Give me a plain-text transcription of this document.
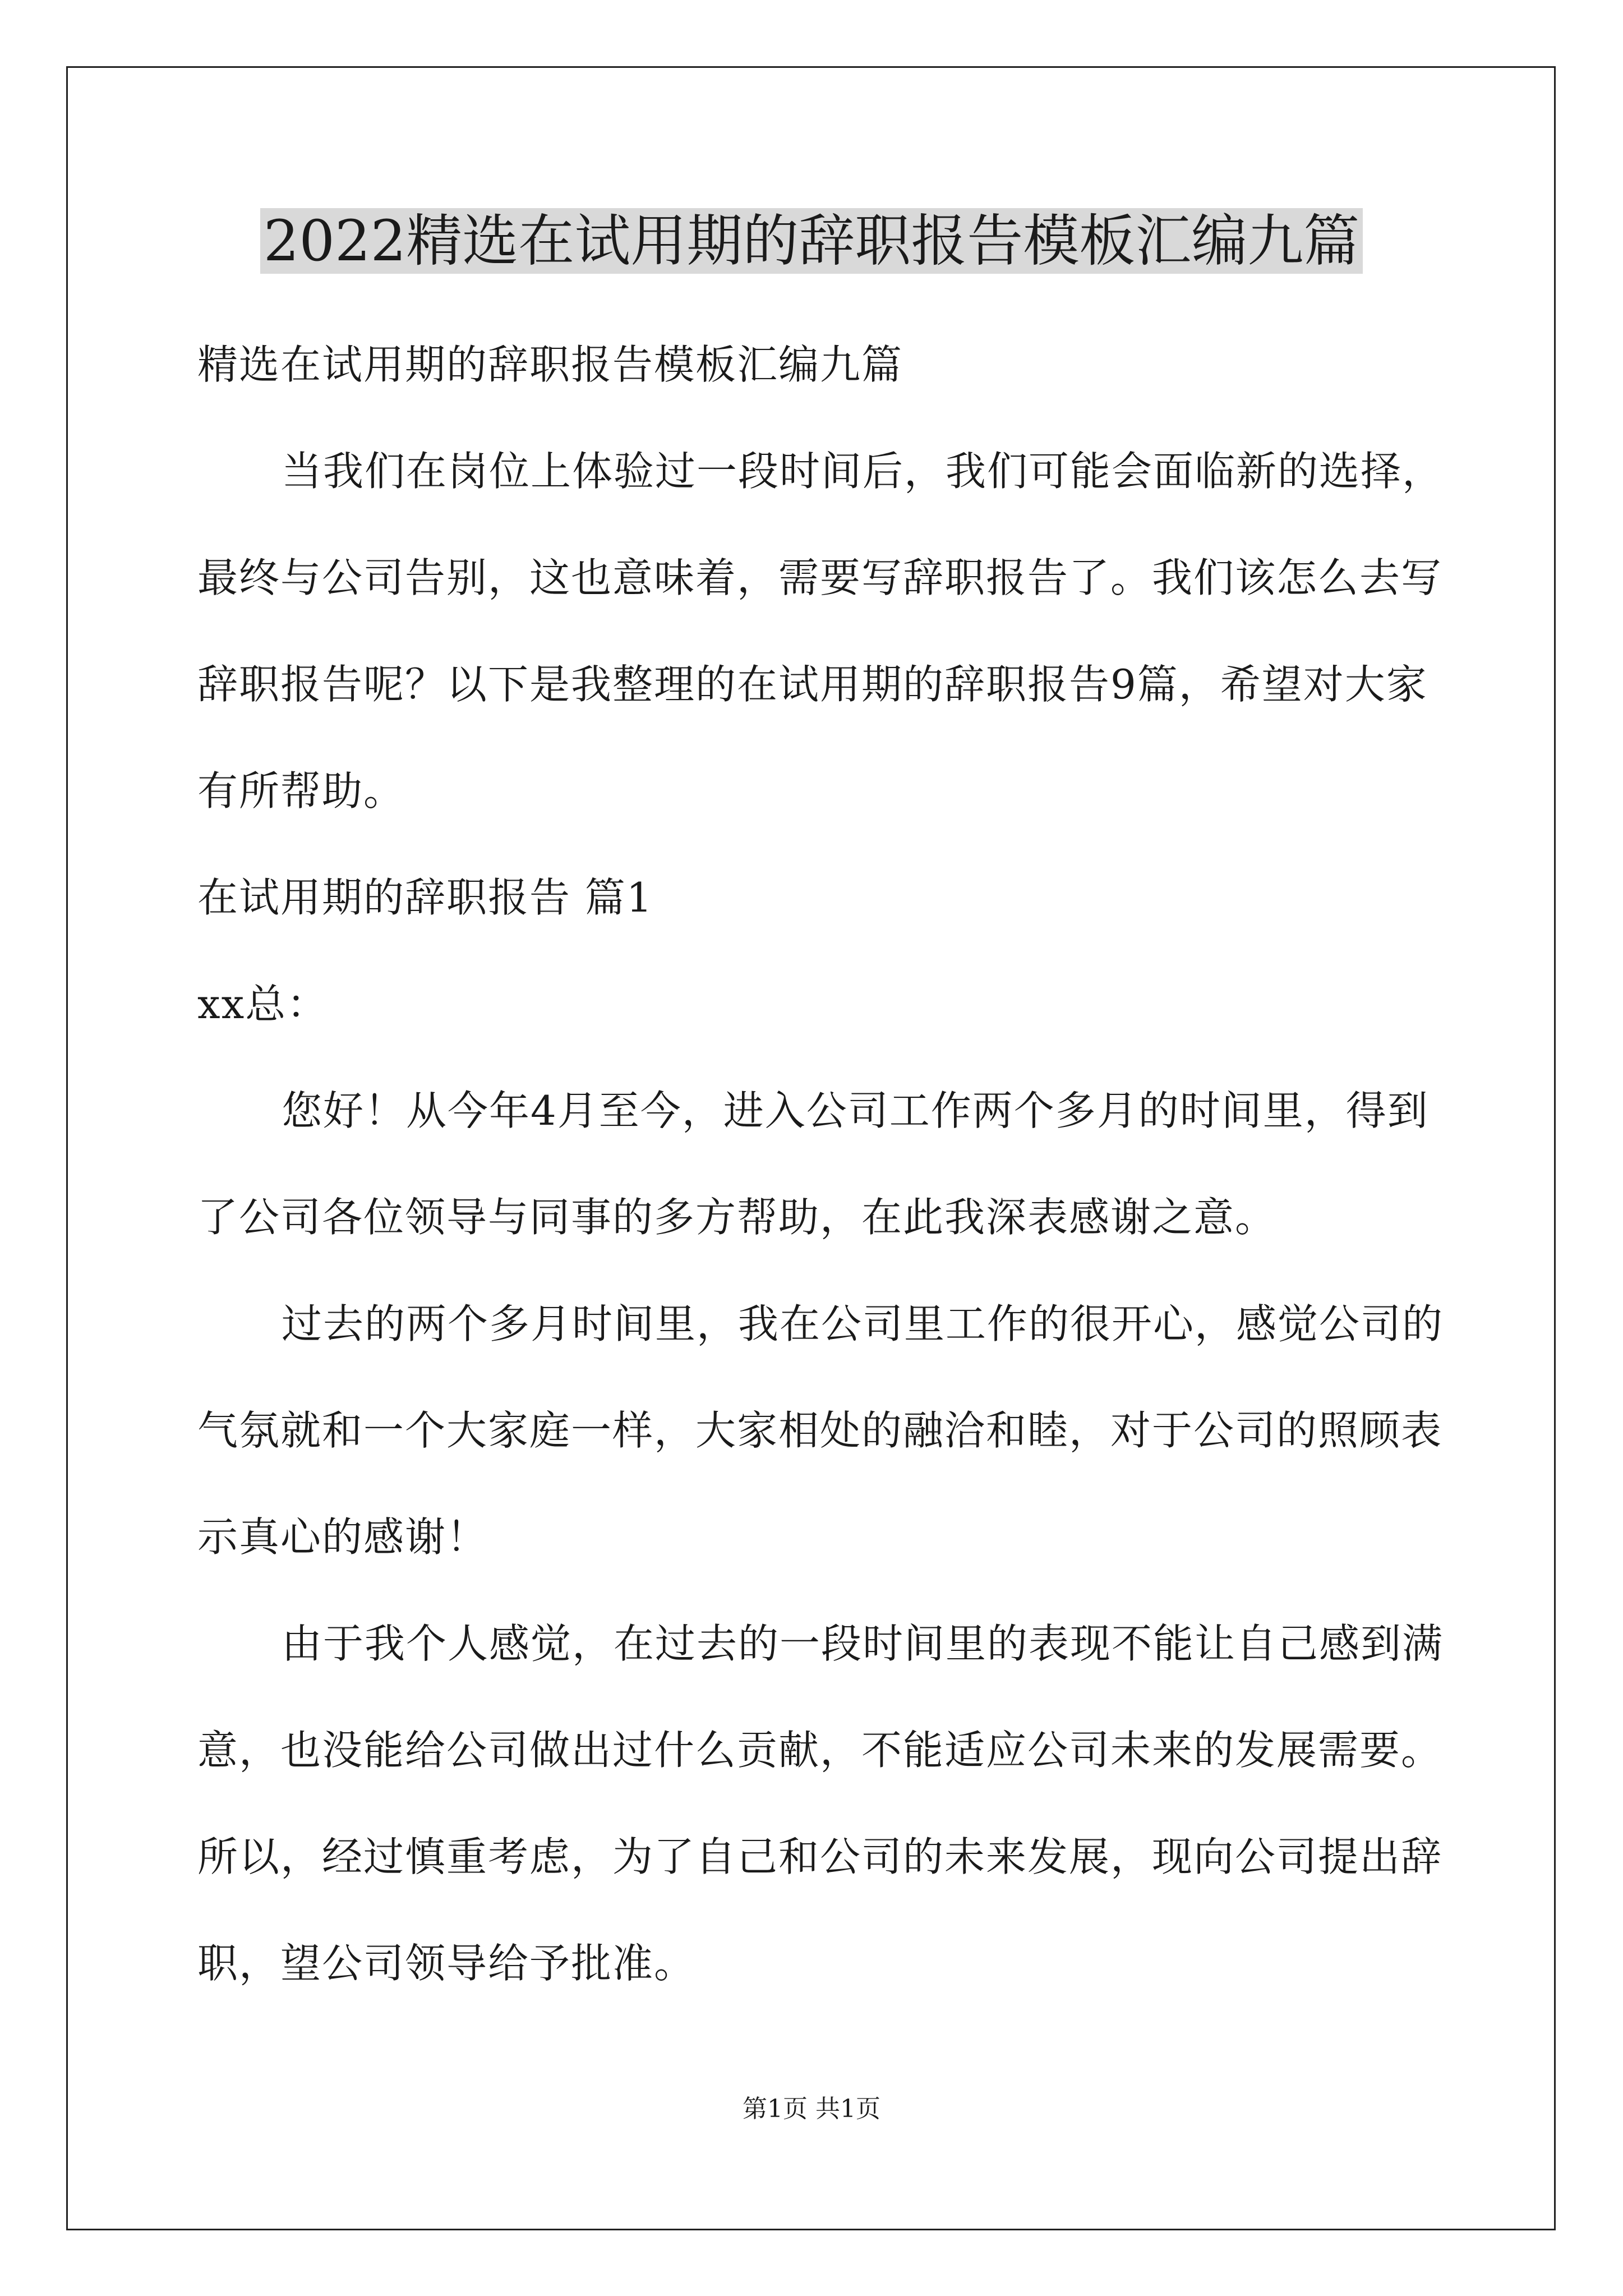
2022精选在试用期的辞职报告模板汇编九篇

精选在试用期的辞职报告模板汇编九篇

当我们在岗位上体验过一段时间后，我们可能会面临新的选择，

最终与公司告别，这也意味着，需要写辞职报告了。我们该怎么去写

辞职报告呢？以下是我整理的在试用期的辞职报告9篇，希望对大家

有所帮助。

在试用期的辞职报告 篇1

xx总：

您好！从今年4月至今，进入公司工作两个多月的时间里，得到

了公司各位领导与同事的多方帮助，在此我深表感谢之意。

过去的两个多月时间里，我在公司里工作的很开心，感觉公司的

气氛就和一个大家庭一样，大家相处的融洽和睦，对于公司的照顾表

示真心的感谢！

由于我个人感觉，在过去的一段时间里的表现不能让自己感到满

意，也没能给公司做出过什么贡献，不能适应公司未来的发展需要。

所以，经过慎重考虑，为了自己和公司的未来发展，现向公司提出辞

职，望公司领导给予批准。

第1页 共1页
